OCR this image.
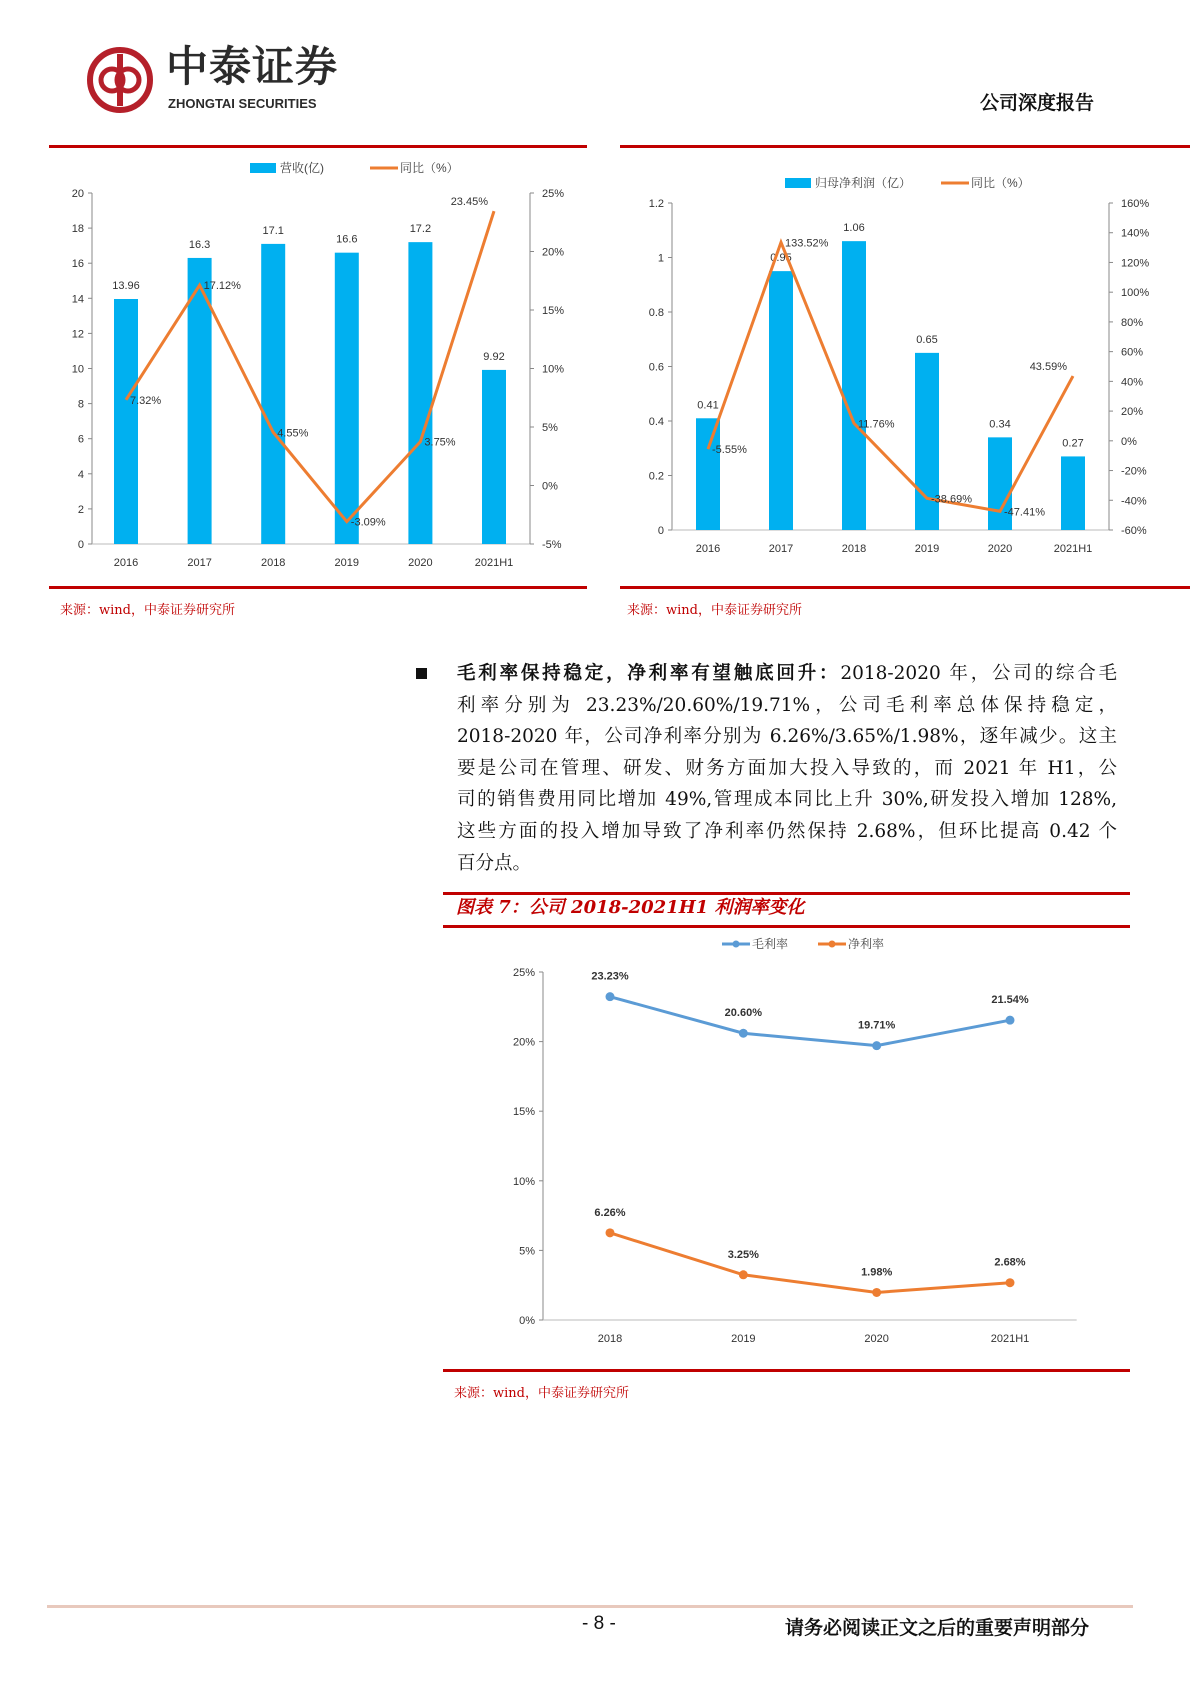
中泰证券
ZHONGTAI SECURITIES	公司深度报告
来源：wind，中泰证券研究所	来源：wind，中泰证券研究所
毛利率保持稳定，净利率有望触底回升：2018-2020 年，公司的综合毛
利率分别为 23.23%/20.60%/19.71%，公司毛利率总体保持稳定，
2018-2020 年，公司净利率分别为 6.26%/3.65%/1.98%，逐年减少。这主
要是公司在管理、研发、财务方面加大投入导致的，而 2021 年 H1，公
司的销售费用同比增加 49%,管理成本同比上升 30%,研发投入增加 128%,
这些方面的投入增加导致了净利率仍然保持 2.68%，但环比提高 0.42 个
百分点。
图表 7：公司 2018-2021H1 利润率变化
来源：wind，中泰证券研究所
- 8 -	请务必阅读正文之后的重要声明部分
0
2
4
6
8
10
12
14
16
18
20
-5%
0%
5%
10%
15%
20%
25%
2016	2017	2018	2019	2020	2021H1
营收(亿)	同比（%）
13.96
16.3
17.1
16.6
17.2
9.92
7.32%
17.12%
4.55%
-3.09%
3.75%
23.45%
0
0.2
0.4
0.6
0.8
1
1.2
-60%
-40%
-20%
0%
20%
40%
60%
80%
100%
120%
140%
160%
2016	2017	2018	2019	2020	2021H1
归母净利润（亿）	同比（%）
0.41
0.95
1.06
0.65
0.34
0.27
-5.55%
133.52%
11.76%
-38.69%
-47.41%
43.59%
0%
5%
10%
15%
20%
25%
2018	2019	2020	2021H1
毛利率	净利率
23.23%
20.60%
19.71%
21.54%
6.26%
3.25%
1.98%
2.68%
